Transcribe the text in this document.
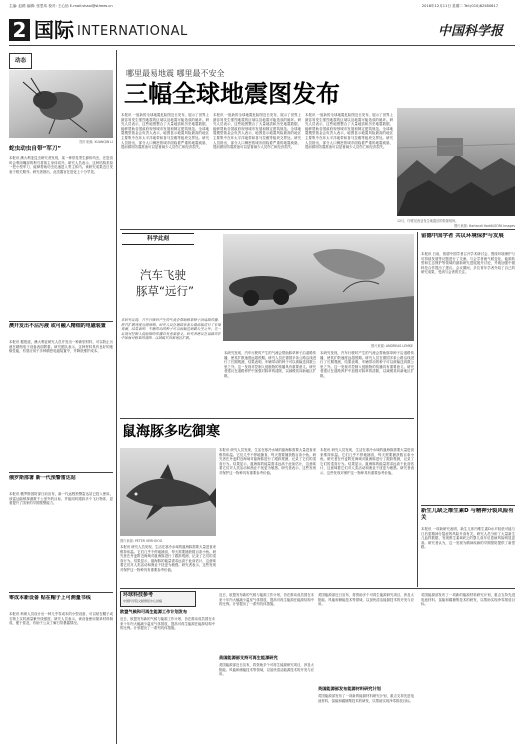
主编: 赵路 编辑: 张思玮 校对: 王心怡 E-mail:shaoi@stimes.cn	2018年12月11日 星期二 Tel:(010)62580617
2 国际 INTERNATIONAL	中国科学报
动态
图片来源: XUANQIN LI
蛇虫动虫自带“军刀”
本报讯 澳大利亚昆虫研究者发现，某一种常见寄生蜂的幼虫，在进食时会利用嘴部的利刃将宿主身体切开。研究人员表示，这种结构类似一把小型军刀，能够帮助幼虫迅速进入寄主体内。该研究成果近日发表于相关期刊。研究者指出，此类器官在进化上十分罕见。
澳开发出不沾污液 或可融入精细的电磁装置
本报讯 据报道，澳大利亚研究人员开发出一种新型材料，可以防止污液在精细电子设备表面附着。研究团队表示，这种材料具有良好的绝缘性能，有望应用于多种精密电磁装置中，并降低维护成本。
俄罗斯部署 新一代预警雷达站
本报讯 俄罗斯国防部日前宣布，新一代远程预警雷达站已投入使用。该雷达能够探测数千公里外的目标，并能同时跟踪多个飞行物体，显著提升了国家的早期预警能力。
零成本新设备 贴在帽子上可测量书线
本报讯 科研人员设计出一种几乎零成本的小型设备，可以贴在帽子或衣物上实时测量紫外线强度。研究人员表示，该设备使用简单材料制成，便于普及，有助于公众了解日常暴露情况。
哪里最易地震 哪里最不安全
三幅全球地震图发布
本报讯 一组新的全球地震危险图近日发布，展示了世界上最容易发生强烈地震的区域以及地震可能造成的破坏。研究人员表示，这些地图整合了大量地质和历史地震数据，能够帮助各国政府规划城市发展和制定建筑规范。全球地震模型基金会负责人表示，地图显示地震风险最高的地区主要集中在环太平洋地带和喜马拉雅等板块交界处。研究人员指出，部分人口稠密的城市面临着严重的地震威胁，提前做好防震准备可以显著减少人员伤亡和经济损失。
本报讯 一组新的全球地震危险图近日发布，展示了世界上最容易发生强烈地震的区域以及地震可能造成的破坏。研究人员表示，这些地图整合了大量地质和历史地震数据，能够帮助各国政府规划城市发展和制定建筑规范。全球地震模型基金会负责人表示，地图显示地震风险最高的地区主要集中在环太平洋地带和喜马拉雅等板块交界处。研究人员指出，部分人口稠密的城市面临着严重的地震威胁，提前做好防震准备可以显著减少人员伤亡和经济损失。
本报讯 一组新的全球地震危险图近日发布，展示了世界上最容易发生强烈地震的区域以及地震可能造成的破坏。研究人员表示，这些地图整合了大量地质和历史地震数据，能够帮助各国政府规划城市发展和制定建筑规范。全球地震模型基金会负责人表示，地图显示地震风险最高的地区主要集中在环太平洋地带和喜马拉雅等板块交界处。研究人员指出，部分人口稠密的城市面临着严重的地震威胁，提前做好防震准备可以显著减少人员伤亡和经济损失。
12月，印度尼西亚发生地震后的救援现场。
图片来源: Hartandi Haditi/SOFA Images
科学此刻
汽车飞驶
豚草“远行”
图片来源: ANDREAS LEMKE
本研究发现，汽车行驶时产生的气流会帮助豚草种子沿道路传播，使其扩散速度远超预期。研究人员在德国多条公路沿线进行了长期观测，结果表明，车辆带动的种子可以被输送到数公里之外。这一发现对控制入侵植物的传播具有重要意义。研究者建议在道路养护中加强对豚草的清除，以减缓其向新地区扩散。
本研究发现，汽车行驶时产生的气流会帮助豚草种子沿道路传播，使其扩散速度远超预期。研究人员在德国多条公路沿线进行了长期观测，结果表明，车辆带动的种子可以被输送到数公里之外。这一发现对控制入侵植物的传播具有重要意义。研究者建议在道路养护中加强对豚草的清除，以减缓其向新地区扩散。
本研究发现，汽车行驶时产生的气流会帮助豚草种子沿道路传播，使其扩散速度远超预期。研究人员在德国多条公路沿线进行了长期观测，结果表明，车辆带动的种子可以被输送到数公里之外。这一发现对控制入侵植物的传播具有重要意义。研究者建议在道路养护中加强对豚草的清除，以减缓其向新地区扩散。
鼠海豚多吃御寒
图片来源: PETER VERHOOG
本报讯 研究人员发现，生活在寒冷水域的鼠海豚需要大量进食来维持体温。它们几乎不停地捕食，每天需要捕获数百条小鱼。研究者在丹麦附近海域对鼠海豚进行了跟踪观测，记录了它们的觅食行为。结果显示，鼠海豚的能量需求远高于此前估计，这意味着它们对人类活动和渔业干扰更为敏感。研究者表示，这些发现对保护这一物种具有重要参考价值。
本报讯 研究人员发现，生活在寒冷水域的鼠海豚需要大量进食来维持体温。它们几乎不停地捕食，每天需要捕获数百条小鱼。研究者在丹麦附近海域对鼠海豚进行了跟踪观测，记录了它们的觅食行为。结果显示，鼠海豚的能量需求远高于此前估计，这意味着它们对人类活动和渔业干扰更为敏感。研究者表示，这些发现对保护这一物种具有重要参考价值。
本报讯 研究人员发现，生活在寒冷水域的鼠海豚需要大量进食来维持体温。它们几乎不停地捕食，每天需要捕获数百条小鱼。研究者在丹麦附近海域对鼠海豚进行了跟踪观测，记录了它们的觅食行为。结果显示，鼠海豚的能量需求远高于此前估计，这意味着它们对人类活动和渔业干扰更为敏感。研究者表示，这些发现对保护这一物种具有重要参考价值。
留德中国学者 共议环境保护与发展
本报讯 日前，旅德中国学者召开学术研讨会，围绕环境保护与可持续发展等议题进行了交流。与会学者就气候变化、能源转型和生态保护等领域的最新研究进展展开讨论，并就加强中德科技合作提出了建议。会议期间，多位青年学者介绍了自己的研究成果，受到与会者的关注。
新生儿缺乏维生素D 与精神分裂风险有关
本报讯 一项新研究表明，新生儿体内维生素D水平较低可能与日后患精神分裂症的风险升高有关。研究人员分析了大量新生儿血样数据，发现维生素D缺乏的婴儿成年后患病风险明显更高。研究者认为，这一发现为精神疾病的早期预防提供了新思路。
环球科技参考
中国科学院文献情报中心供稿
欧盟气候和可再生能源工作计划发布
近日，欧盟发布新的气候与能源工作计划，旨在推动成员国在未来十年内大幅减少温室气体排放，提高可再生能源在能源结构中的比例。计划提出了一系列具体措施。
近日，欧盟发布新的气候与能源工作计划，旨在推动成员国在未来十年内大幅减少温室气体排放，提高可再生能源在能源结构中的比例。计划提出了一系列具体措施。
美国能源部支持可再生能源研究
美国能源部近日宣布，将资助多个可再生能源研究项目，涉及太阳能、风能和储能技术等领域，以加快清洁能源技术的开发与应用。
美国能源部近日宣布，将资助多个可再生能源研究项目，涉及太阳能、风能和储能技术等领域，以加快清洁能源技术的开发与应用。
英国能源部发布能源材料研究计划
英国能源部发布了一项新的能源材料研究计划，重点支持先进电池材料、氢能和碳捕集技术的研发，以帮助实现净零排放目标。
英国能源部发布了一项新的能源材料研究计划，重点支持先进电池材料、氢能和碳捕集技术的研发，以帮助实现净零排放目标。
